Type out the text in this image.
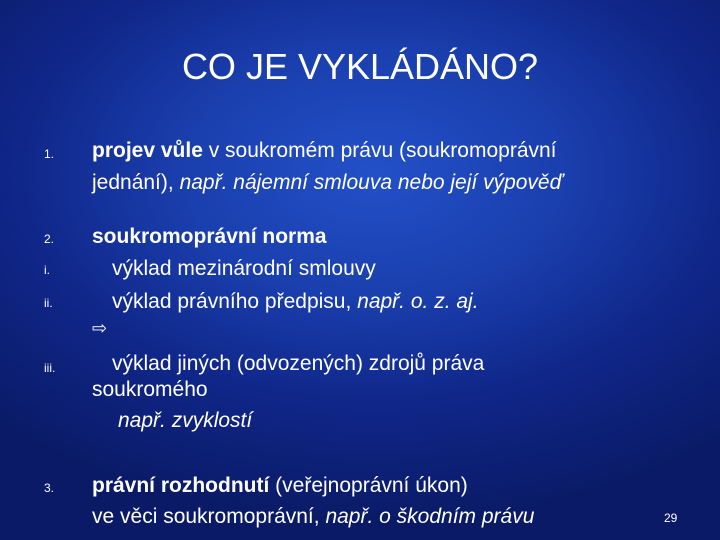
CO JE VYKLÁDÁNO?
1. projev vůle v soukromém právu (soukromoprávní
jednání), např. nájemní smlouva nebo její výpověď
2. soukromoprávní norma
i.	výklad mezinárodní smlouvy
ii.	výklad právního předpisu, např. o. z. aj.
⇨
iii.	výklad jiných (odvozených) zdrojů práva
soukromého
např. zvyklostí
3. právní rozhodnutí (veřejnoprávní úkon)
ve věci soukromoprávní, např. o škodním právu	29
